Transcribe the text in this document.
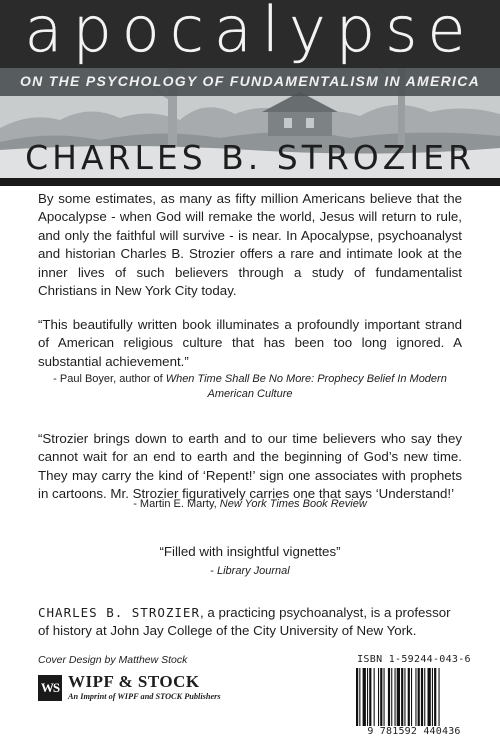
apocalypse
ON THE PSYCHOLOGY OF FUNDAMENTALISM IN AMERICA
CHARLES B. STROZIER

By some estimates, as many as fifty million Americans believe that the Apocalypse - when God will remake the world, Jesus will return to rule, and only the faithful will survive - is near. In Apocalypse, psychoanalyst and historian Charles B. Strozier offers a rare and intimate look at the inner lives of such believers through a study of fundamentalist Christians in New York City today.

“This beautifully written book illuminates a profoundly important strand of American religious culture that has been too long ignored. A substantial achievement.”

- Paul Boyer, author of When Time Shall Be No More: Prophecy Belief In Modern American Culture

“Strozier brings down to earth and to our time believers who say they cannot wait for an end to earth and the beginning of God’s new time. They may carry the kind of ‘Repent!’ sign one associates with prophets in cartoons. Mr. Strozier figuratively carries one that says ‘Understand!’

- Martin E. Marty, New York Times Book Review

“Filled with insightful vignettes”

- Library Journal

CHARLES B. STROZIER, a practicing psychoanalyst, is a professor of history at John Jay College of the City University of New York.

Cover Design by Matthew Stock
WS WIPF & STOCK
An Imprint of WIPF and STOCK Publishers
ISBN 1-59244-043-6
9 781592 440436
